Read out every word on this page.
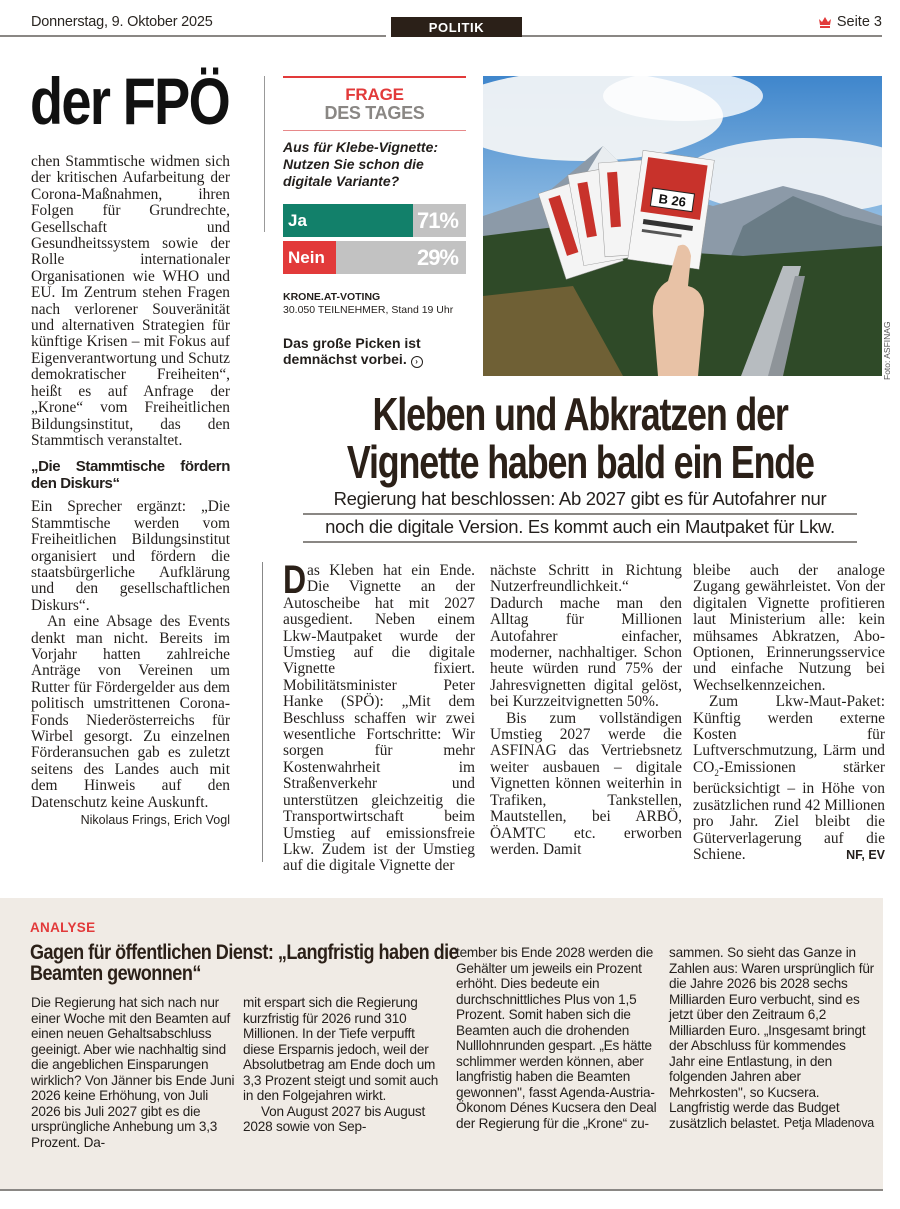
Donnerstag, 9. Oktober 2025	POLITIK	Seite 3
der FPÖ

chen Stammtische widmen sich der kritischen Aufarbeitung der Corona-Maßnahmen, ihren Folgen für Grundrechte, Gesellschaft und Gesundheitssystem sowie der Rolle internationaler Organisationen wie WHO und EU. Im Zentrum stehen Fragen nach verlorener Souveränität und alternativen Strategien für künftige Krisen – mit Fokus auf Eigenverantwortung und Schutz demokratischer Freiheiten“, heißt es auf Anfrage der „Krone“ vom Freiheitlichen Bildungsinstitut, das den Stammtisch veranstaltet.

„Die Stammtische fördern den Diskurs“

Ein Sprecher ergänzt: „Die Stammtische werden vom Freiheitlichen Bildungsinstitut organisiert und fördern die staatsbürgerliche Aufklärung und den gesellschaftlichen Diskurs“.

An eine Absage des Events denkt man nicht. Bereits im Vorjahr hatten zahlreiche Anträge von Vereinen um Rutter für Fördergelder aus dem politisch umstrittenen Corona-Fonds Niederösterreichs für Wirbel gesorgt. Zu einzelnen Förderansuchen gab es zuletzt seitens des Landes auch mit dem Hinweis auf den Datenschutz keine Auskunft.

Nikolaus Frings, Erich Vogl
FRAGE
DES TAGES
Aus für Klebe-Vignette: Nutzen Sie schon die digitale Variante?
Ja	71%
Nein	29%
KRONE.AT-VOTING
30.050 TEILNEHMER, Stand 19 Uhr
Das große Picken ist demnächst vorbei. ›
B 26
Foto: ASFINAG
Kleben und Abkratzen der
Vignette haben bald ein Ende
Regierung hat beschlossen: Ab 2027 gibt es für Autofahrer nur
noch die digitale Version. Es kommt auch ein Mautpaket für Lkw.

Das Kleben hat ein Ende. Die Vignette an der Autoscheibe hat mit 2027 ausgedient. Neben einem Lkw-Mautpaket wurde der Umstieg auf die digitale Vignette fixiert. Mobilitätsminister Peter Hanke (SPÖ): „Mit dem Beschluss schaffen wir zwei wesentliche Fortschritte: Wir sorgen für mehr Kostenwahrheit im Straßenverkehr und unterstützen gleichzeitig die Transportwirtschaft beim Umstieg auf emissionsfreie Lkw. Zudem ist der Umstieg auf die digitale Vignette der

nächste Schritt in Richtung Nutzerfreundlichkeit.“ Dadurch mache man den Alltag für Millionen Autofahrer einfacher, moderner, nachhaltiger. Schon heute würden rund 75% der Jahresvignetten digital gelöst, bei Kurzzeitvignetten 50%.

Bis zum vollständigen Umstieg 2027 werde die ASFINAG das Vertriebsnetz weiter ausbauen – digitale Vignetten können weiterhin in Trafiken, Tankstellen, Mautstellen, bei ARBÖ, ÖAMTC etc. erworben werden. Damit

bleibe auch der analoge Zugang gewährleistet. Von der digitalen Vignette profitieren laut Ministerium alle: kein mühsames Abkratzen, Abo-Optionen, Erinnerungsservice und einfache Nutzung bei Wechselkennzeichen.

Zum Lkw-Maut-Paket: Künftig werden externe Kosten für Luftverschmutzung, Lärm und $CO_2$-Emissionen stärker berücksichtigt – in Höhe von zusätzlichen rund 42 Millionen pro Jahr. Ziel bleibt die Güterverlagerung auf die Schiene.	NF, EV

ANALYSE
Gagen für öffentlichen Dienst: „Langfristig haben die Beamten gewonnen“

Die Regierung hat sich nach nur einer Woche mit den Beamten auf einen neuen Gehaltsabschluss geeinigt. Aber wie nachhaltig sind die angeblichen Einsparungen wirklich? Von Jänner bis Ende Juni 2026 keine Erhöhung, von Juli 2026 bis Juli 2027 gibt es die ursprüngliche Anhebung um 3,3 Prozent. Da-

mit erspart sich die Regierung kurzfristig für 2026 rund 310 Millionen. In der Tiefe verpufft diese Ersparnis jedoch, weil der Absolutbetrag am Ende doch um 3,3 Prozent steigt und somit auch in den Folgejahren wirkt.

Von August 2027 bis August 2028 sowie von Sep-

tember bis Ende 2028 werden die Gehälter um jeweils ein Prozent erhöht. Dies bedeute ein durchschnittliches Plus von 1,5 Prozent. Somit haben sich die Beamten auch die drohenden Nulllohnrunden gespart. „Es hätte schlimmer werden können, aber langfristig haben die Beamten gewonnen", fasst Agenda-Austria-Ökonom Dénes Kucsera den Deal der Regierung für die „Krone“ zu-

sammen. So sieht das Ganze in Zahlen aus: Waren ursprünglich für die Jahre 2026 bis 2028 sechs Milliarden Euro verbucht, sind es jetzt über den Zeitraum 6,2 Milliarden Euro. „Insgesamt bringt der Abschluss für kommendes Jahr eine Entlastung, in den folgenden Jahren aber Mehrkosten", so Kucsera. Langfristig werde das Budget zusätzlich belastet. Petja Mladenova
